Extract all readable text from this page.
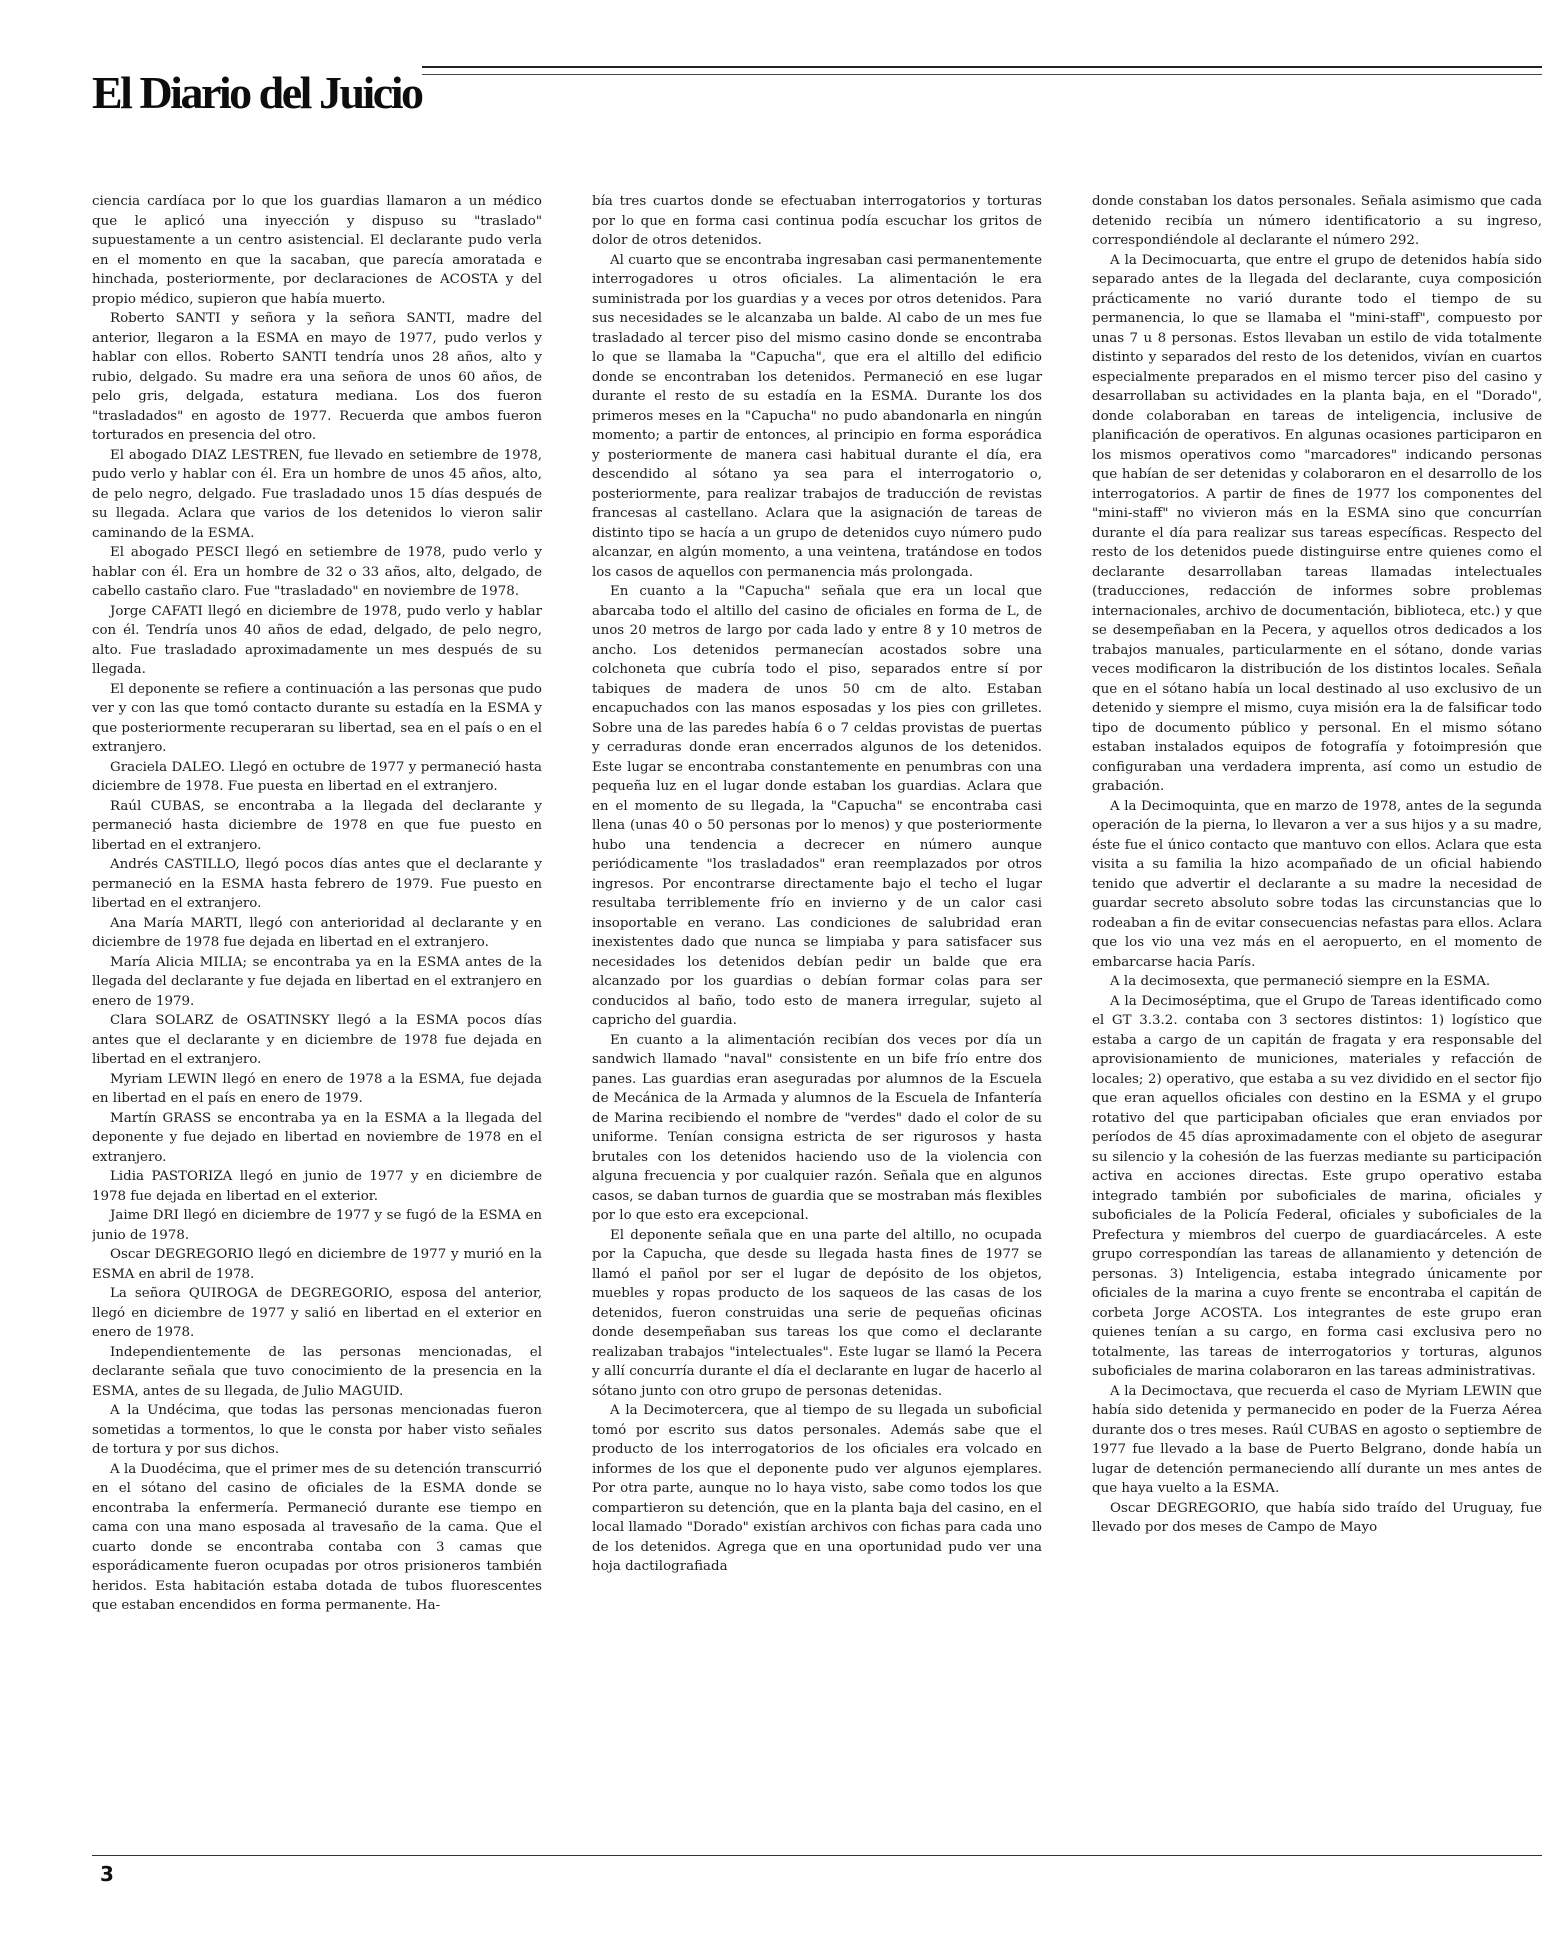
El Diario del Juicio

ciencia cardíaca por lo que los guardias llamaron a un médico que le aplicó una inyección y dispuso su "traslado" supuestamente a un centro asistencial. El declarante pudo verla en el momento en que la sacaban, que parecía amoratada e hinchada, posteriormente, por declaraciones de ACOSTA y del propio médico, supieron que había muerto.

Roberto SANTI y señora y la señora SANTI, madre del anterior, llegaron a la ESMA en mayo de 1977, pudo verlos y hablar con ellos. Roberto SANTI tendría unos 28 años, alto y rubio, delgado. Su madre era una señora de unos 60 años, de pelo gris, delgada, estatura mediana. Los dos fueron "trasladados" en agosto de 1977. Recuerda que ambos fueron torturados en presencia del otro.

El abogado DIAZ LESTREN, fue llevado en setiembre de 1978, pudo verlo y hablar con él. Era un hombre de unos 45 años, alto, de pelo negro, delgado. Fue trasladado unos 15 días después de su llegada. Aclara que varios de los detenidos lo vieron salir caminando de la ESMA.

El abogado PESCI llegó en setiembre de 1978, pudo verlo y hablar con él. Era un hombre de 32 o 33 años, alto, delgado, de cabello castaño claro. Fue "trasladado" en noviembre de 1978.

Jorge CAFATI llegó en diciembre de 1978, pudo verlo y hablar con él. Tendría unos 40 años de edad, delgado, de pelo negro, alto. Fue trasladado aproximadamente un mes después de su llegada.

El deponente se refiere a continuación a las personas que pudo ver y con las que tomó contacto durante su estadía en la ESMA y que posteriormente recuperaran su libertad, sea en el país o en el extranjero.

Graciela DALEO. Llegó en octubre de 1977 y permaneció hasta diciembre de 1978. Fue puesta en libertad en el extranjero.

Raúl CUBAS, se encontraba a la llegada del declarante y permaneció hasta diciembre de 1978 en que fue puesto en libertad en el extranjero.

Andrés CASTILLO, llegó pocos días antes que el declarante y permaneció en la ESMA hasta febrero de 1979. Fue puesto en libertad en el extranjero.

Ana María MARTI, llegó con anterioridad al declarante y en diciembre de 1978 fue dejada en libertad en el extranjero.

María Alicia MILIA; se encontraba ya en la ESMA antes de la llegada del declarante y fue dejada en libertad en el extranjero en enero de 1979.

Clara SOLARZ de OSATINSKY llegó a la ESMA pocos días antes que el declarante y en diciembre de 1978 fue dejada en libertad en el extranjero.

Myriam LEWIN llegó en enero de 1978 a la ESMA, fue dejada en libertad en el país en enero de 1979.

Martín GRASS se encontraba ya en la ESMA a la llegada del deponente y fue dejado en libertad en noviembre de 1978 en el extranjero.

Lidia PASTORIZA llegó en junio de 1977 y en diciembre de 1978 fue dejada en libertad en el exterior.

Jaime DRI llegó en diciembre de 1977 y se fugó de la ESMA en junio de 1978.

Oscar DEGREGORIO llegó en diciembre de 1977 y murió en la ESMA en abril de 1978.

La señora QUIROGA de DEGREGORIO, esposa del anterior, llegó en diciembre de 1977 y salió en libertad en el exterior en enero de 1978.

Independientemente de las personas mencionadas, el declarante señala que tuvo conocimiento de la presencia en la ESMA, antes de su llegada, de Julio MAGUID.

A la Undécima, que todas las personas mencionadas fueron sometidas a tormentos, lo que le consta por haber visto señales de tortura y por sus dichos.

A la Duodécima, que el primer mes de su detención transcurrió en el sótano del casino de oficiales de la ESMA donde se encontraba la enfermería. Permaneció durante ese tiempo en cama con una mano esposada al travesaño de la cama. Que el cuarto donde se encontraba contaba con 3 camas que esporádicamente fueron ocupadas por otros prisioneros también heridos. Esta habitación estaba dotada de tubos fluorescentes que estaban encendidos en forma permanente. Ha-

bía tres cuartos donde se efectuaban interrogatorios y torturas por lo que en forma casi continua podía escuchar los gritos de dolor de otros detenidos.

Al cuarto que se encontraba ingresaban casi permanentemente interrogadores u otros oficiales. La alimentación le era suministrada por los guardias y a veces por otros detenidos. Para sus necesidades se le alcanzaba un balde. Al cabo de un mes fue trasladado al tercer piso del mismo casino donde se encontraba lo que se llamaba la "Capucha", que era el altillo del edificio donde se encontraban los detenidos. Permaneció en ese lugar durante el resto de su estadía en la ESMA. Durante los dos primeros meses en la "Capucha" no pudo abandonarla en ningún momento; a partir de entonces, al principio en forma esporádica y posteriormente de manera casi habitual durante el día, era descendido al sótano ya sea para el interrogatorio o, posteriormente, para realizar trabajos de traducción de revistas francesas al castellano. Aclara que la asignación de tareas de distinto tipo se hacía a un grupo de detenidos cuyo número pudo alcanzar, en algún momento, a una veintena, tratándose en todos los casos de aquellos con permanencia más prolongada.

En cuanto a la "Capucha" señala que era un local que abarcaba todo el altillo del casino de oficiales en forma de L, de unos 20 metros de largo por cada lado y entre 8 y 10 metros de ancho. Los detenidos permanecían acostados sobre una colchoneta que cubría todo el piso, separados entre sí por tabiques de madera de unos 50 cm de alto. Estaban encapuchados con las manos esposadas y los pies con grilletes. Sobre una de las paredes había 6 o 7 celdas provistas de puertas y cerraduras donde eran encerrados algunos de los detenidos. Este lugar se encontraba constantemente en penumbras con una pequeña luz en el lugar donde estaban los guardias. Aclara que en el momento de su llegada, la "Capucha" se encontraba casi llena (unas 40 o 50 personas por lo menos) y que posteriormente hubo una tendencia a decrecer en número aunque periódicamente "los trasladados" eran reemplazados por otros ingresos. Por encontrarse directamente bajo el techo el lugar resultaba terriblemente frío en invierno y de un calor casi insoportable en verano. Las condiciones de salubridad eran inexistentes dado que nunca se limpiaba y para satisfacer sus necesidades los detenidos debían pedir un balde que era alcanzado por los guardias o debían formar colas para ser conducidos al baño, todo esto de manera irregular, sujeto al capricho del guardia.

En cuanto a la alimentación recibían dos veces por día un sandwich llamado "naval" consistente en un bife frío entre dos panes. Las guardias eran aseguradas por alumnos de la Escuela de Mecánica de la Armada y alumnos de la Escuela de Infantería de Marina recibiendo el nombre de "verdes" dado el color de su uniforme. Tenían consigna estricta de ser rigurosos y hasta brutales con los detenidos haciendo uso de la violencia con alguna frecuencia y por cualquier razón. Señala que en algunos casos, se daban turnos de guardia que se mostraban más flexibles por lo que esto era excepcional.

El deponente señala que en una parte del altillo, no ocupada por la Capucha, que desde su llegada hasta fines de 1977 se llamó el pañol por ser el lugar de depósito de los objetos, muebles y ropas producto de los saqueos de las casas de los detenidos, fueron construidas una serie de pequeñas oficinas donde desempeñaban sus tareas los que como el declarante realizaban trabajos "intelectuales". Este lugar se llamó la Pecera y allí concurría durante el día el declarante en lugar de hacerlo al sótano junto con otro grupo de personas detenidas.

A la Decimotercera, que al tiempo de su llegada un suboficial tomó por escrito sus datos personales. Además sabe que el producto de los interrogatorios de los oficiales era volcado en informes de los que el deponente pudo ver algunos ejemplares. Por otra parte, aunque no lo haya visto, sabe como todos los que compartieron su detención, que en la planta baja del casino, en el local llamado "Dorado" existían archivos con fichas para cada uno de los detenidos. Agrega que en una oportunidad pudo ver una hoja dactilografiada

donde constaban los datos personales. Señala asimismo que cada detenido recibía un número identificatorio a su ingreso, correspondiéndole al declarante el número 292.

A la Decimocuarta, que entre el grupo de detenidos había sido separado antes de la llegada del declarante, cuya composición prácticamente no varió durante todo el tiempo de su permanencia, lo que se llamaba el "mini-staff", compuesto por unas 7 u 8 personas. Estos llevaban un estilo de vida totalmente distinto y separados del resto de los detenidos, vivían en cuartos especialmente preparados en el mismo tercer piso del casino y desarrollaban su actividades en la planta baja, en el "Dorado", donde colaboraban en tareas de inteligencia, inclusive de planificación de operativos. En algunas ocasiones participaron en los mismos operativos como "marcadores" indicando personas que habían de ser detenidas y colaboraron en el desarrollo de los interrogatorios. A partir de fines de 1977 los componentes del "mini-staff" no vivieron más en la ESMA sino que concurrían durante el día para realizar sus tareas específicas. Respecto del resto de los detenidos puede distinguirse entre quienes como el declarante desarrollaban tareas llamadas intelectuales (traducciones, redacción de informes sobre problemas internacionales, archivo de documentación, biblioteca, etc.) y que se desempeñaban en la Pecera, y aquellos otros dedicados a los trabajos manuales, particularmente en el sótano, donde varias veces modificaron la distribución de los distintos locales. Señala que en el sótano había un local destinado al uso exclusivo de un detenido y siempre el mismo, cuya misión era la de falsificar todo tipo de documento público y personal. En el mismo sótano estaban instalados equipos de fotografía y fotoimpresión que configuraban una verdadera imprenta, así como un estudio de grabación.

A la Decimoquinta, que en marzo de 1978, antes de la segunda operación de la pierna, lo llevaron a ver a sus hijos y a su madre, éste fue el único contacto que mantuvo con ellos. Aclara que esta visita a su familia la hizo acompañado de un oficial habiendo tenido que advertir el declarante a su madre la necesidad de guardar secreto absoluto sobre todas las circunstancias que lo rodeaban a fin de evitar consecuencias nefastas para ellos. Aclara que los vio una vez más en el aeropuerto, en el momento de embarcarse hacia París.

A la decimosexta, que permaneció siempre en la ESMA.

A la Decimoséptima, que el Grupo de Tareas identificado como el GT 3.3.2. contaba con 3 sectores distintos: 1) logístico que estaba a cargo de un capitán de fragata y era responsable del aprovisionamiento de municiones, materiales y refacción de locales; 2) operativo, que estaba a su vez dividido en el sector fijo que eran aquellos oficiales con destino en la ESMA y el grupo rotativo del que participaban oficiales que eran enviados por períodos de 45 días aproximadamente con el objeto de asegurar su silencio y la cohesión de las fuerzas mediante su participación activa en acciones directas. Este grupo operativo estaba integrado también por suboficiales de marina, oficiales y suboficiales de la Policía Federal, oficiales y suboficiales de la Prefectura y miembros del cuerpo de guardiacárceles. A este grupo correspondían las tareas de allanamiento y detención de personas. 3) Inteligencia, estaba integrado únicamente por oficiales de la marina a cuyo frente se encontraba el capitán de corbeta Jorge ACOSTA. Los integrantes de este grupo eran quienes tenían a su cargo, en forma casi exclusiva pero no totalmente, las tareas de interrogatorios y torturas, algunos suboficiales de marina colaboraron en las tareas administrativas.

A la Decimoctava, que recuerda el caso de Myriam LEWIN que había sido detenida y permanecido en poder de la Fuerza Aérea durante dos o tres meses. Raúl CUBAS en agosto o septiembre de 1977 fue llevado a la base de Puerto Belgrano, donde había un lugar de detención permaneciendo allí durante un mes antes de que haya vuelto a la ESMA.

Oscar DEGREGORIO, que había sido traído del Uruguay, fue llevado por dos meses de Campo de Mayo

3
